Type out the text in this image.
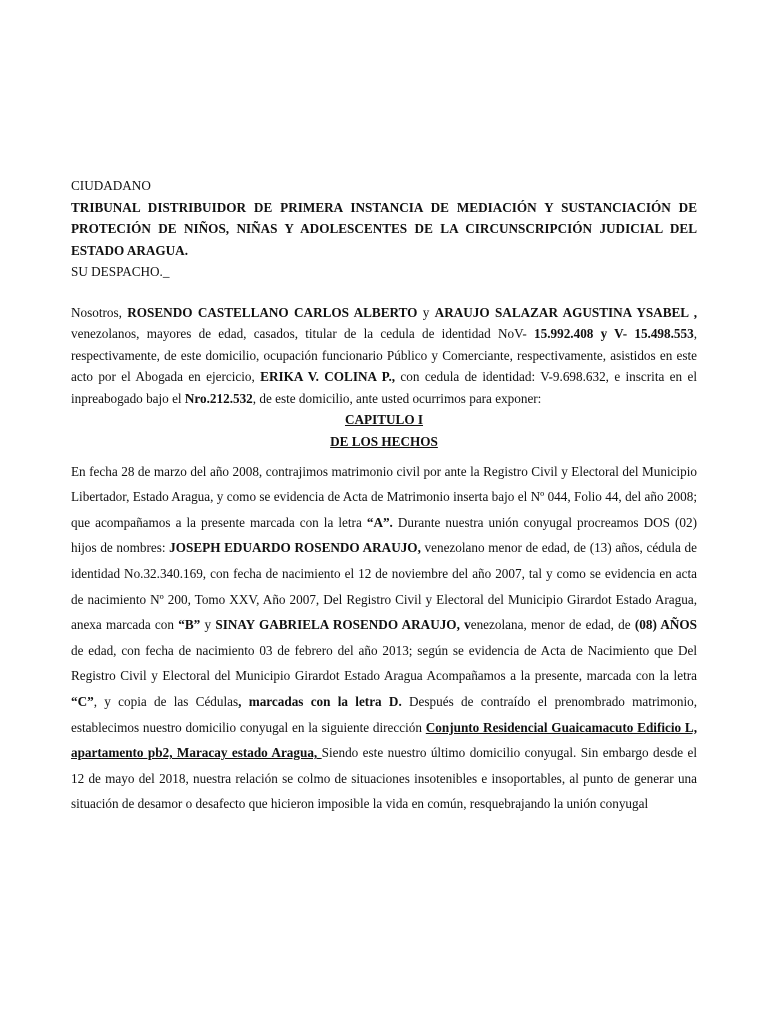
CIUDADANO
TRIBUNAL DISTRIBUIDOR DE PRIMERA INSTANCIA DE MEDIACIÓN Y SUSTANCIACIÓN DE PROTECIÓN DE NIÑOS, NIÑAS Y ADOLESCENTES DE LA CIRCUNSCRIPCIÓN JUDICIAL DEL ESTADO ARAGUA.
SU DESPACHO._

Nosotros, ROSENDO CASTELLANO CARLOS ALBERTO y ARAUJO SALAZAR AGUSTINA YSABEL , venezolanos, mayores de edad, casados, titular de la cedula de identidad NoV- 15.992.408 y V- 15.498.553, respectivamente, de este domicilio, ocupación funcionario Público y Comerciante, respectivamente, asistidos en este acto por el Abogada en ejercicio, ERIKA V. COLINA P., con cedula de identidad: V-9.698.632, e inscrita en el inpreabogado bajo el Nro.212.532, de este domicilio, ante usted ocurrimos para exponer:

CAPITULO I
DE LOS HECHOS

En fecha 28 de marzo del año 2008, contrajimos matrimonio civil por ante la Registro Civil y Electoral del Municipio Libertador, Estado Aragua, y como se evidencia de Acta de Matrimonio inserta bajo el Nº 044, Folio 44, del año 2008; que acompañamos a la presente marcada con la letra “A”. Durante nuestra unión conyugal procreamos DOS (02) hijos de nombres: JOSEPH EDUARDO ROSENDO ARAUJO, venezolano menor de edad, de (13) años, cédula de identidad No.32.340.169, con fecha de nacimiento el 12 de noviembre del año 2007, tal y como se evidencia en acta de nacimiento Nº 200, Tomo XXV, Año 2007, Del Registro Civil y Electoral del Municipio Girardot Estado Aragua, anexa marcada con “B” y SINAY GABRIELA ROSENDO ARAUJO, venezolana, menor de edad, de (08) AÑOS de edad, con fecha de nacimiento 03 de febrero del año 2013; según se evidencia de Acta de Nacimiento que Del Registro Civil y Electoral del Municipio Girardot Estado Aragua Acompañamos a la presente, marcada con la letra “C”, y copia de las Cédulas, marcadas con la letra D. Después de contraído el prenombrado matrimonio, establecimos nuestro domicilio conyugal en la siguiente dirección Conjunto Residencial Guaicamacuto Edificio L, apartamento pb2, Maracay estado Aragua, Siendo este nuestro último domicilio conyugal. Sin embargo desde el 12 de mayo del 2018, nuestra relación se colmo de situaciones insotenibles e insoportables, al punto de generar una situación de desamor o desafecto que hicieron imposible la vida en común, resquebrajando la unión conyugal
